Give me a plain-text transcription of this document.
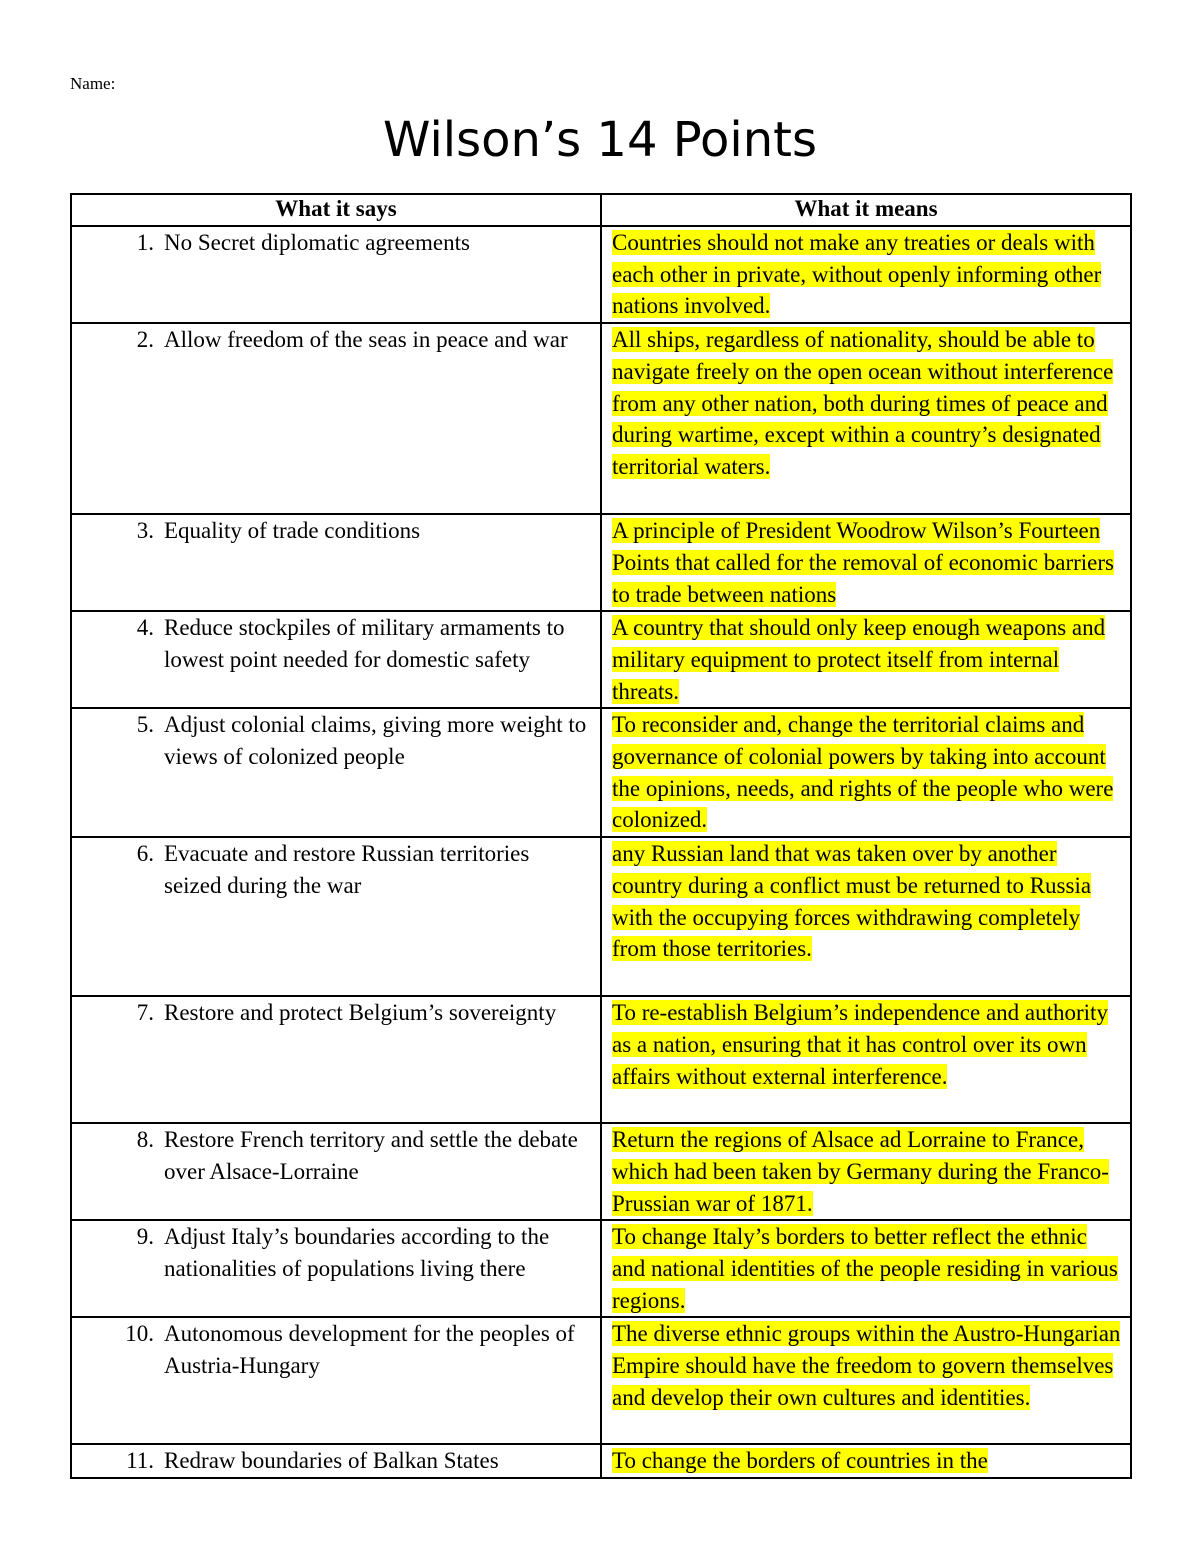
Name:
Wilson’s 14 Points
What it says	What it means

1. No Secret diplomatic agreements	Countries should not make any treaties or deals with each other in private, without openly informing other nations involved.

2. Allow freedom of the seas in peace and war	All ships, regardless of nationality, should be able to navigate freely on the open ocean without interference from any other nation, both during times of peace and during wartime, except within a country’s designated territorial waters.

3. Equality of trade conditions	A principle of President Woodrow Wilson’s Fourteen Points that called for the removal of economic barriers to trade between nations

4. Reduce stockpiles of military armaments to lowest point needed for domestic safety	A country that should only keep enough weapons and military equipment to protect itself from internal threats.

5. Adjust colonial claims, giving more weight to views of colonized people	To reconsider and, change the territorial claims and governance of colonial powers by taking into account the opinions, needs, and rights of the people who were colonized.

6. Evacuate and restore Russian territories seized during the war	any Russian land that was taken over by another country during a conflict must be returned to Russia with the occupying forces withdrawing completely from those territories.

7. Restore and protect Belgium’s sovereignty	To re-establish Belgium’s independence and authority as a nation, ensuring that it has control over its own affairs without external interference.

8. Restore French territory and settle the debate over Alsace-Lorraine	Return the regions of Alsace ad Lorraine to France, which had been taken by Germany during the Franco-Prussian war of 1871.

9. Adjust Italy’s boundaries according to the nationalities of populations living there	To change Italy’s borders to better reflect the ethnic and national identities of the people residing in various regions.

10. Autonomous development for the peoples of Austria-Hungary	The diverse ethnic groups within the Austro-Hungarian Empire should have the freedom to govern themselves and develop their own cultures and identities.

11. Redraw boundaries of Balkan States	To change the borders of countries in the
